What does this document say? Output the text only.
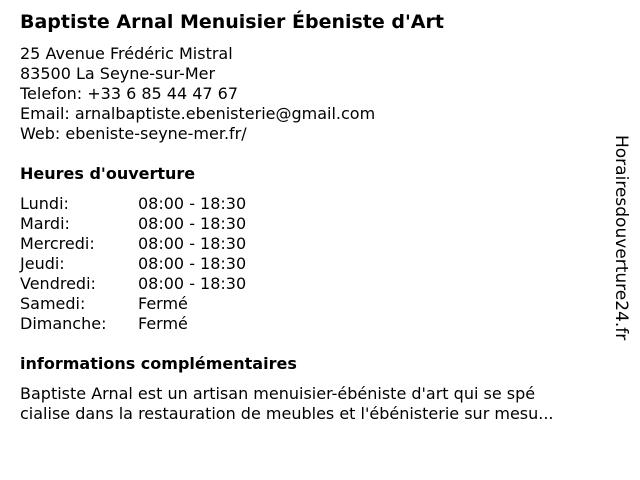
Baptiste Arnal Menuisier Ébeniste d'Art
25 Avenue Frédéric Mistral
83500 La Seyne-sur-Mer
Telefon: +33 6 85 44 47 67
Email: arnalbaptiste.ebenisterie@gmail.com
Web: ebeniste-seyne-mer.fr/
Heures d'ouverture
Lundi:	08:00 - 18:30
Mardi:	08:00 - 18:30
Mercredi:	08:00 - 18:30
Jeudi:	08:00 - 18:30
Vendredi:	08:00 - 18:30
Samedi:	Fermé
Dimanche:	Fermé
informations complémentaires
Baptiste Arnal est un artisan menuisier-ébéniste d'art qui se spé
cialise dans la restauration de meubles et l'ébénisterie sur mesu...
Horairesdouverture24.fr
